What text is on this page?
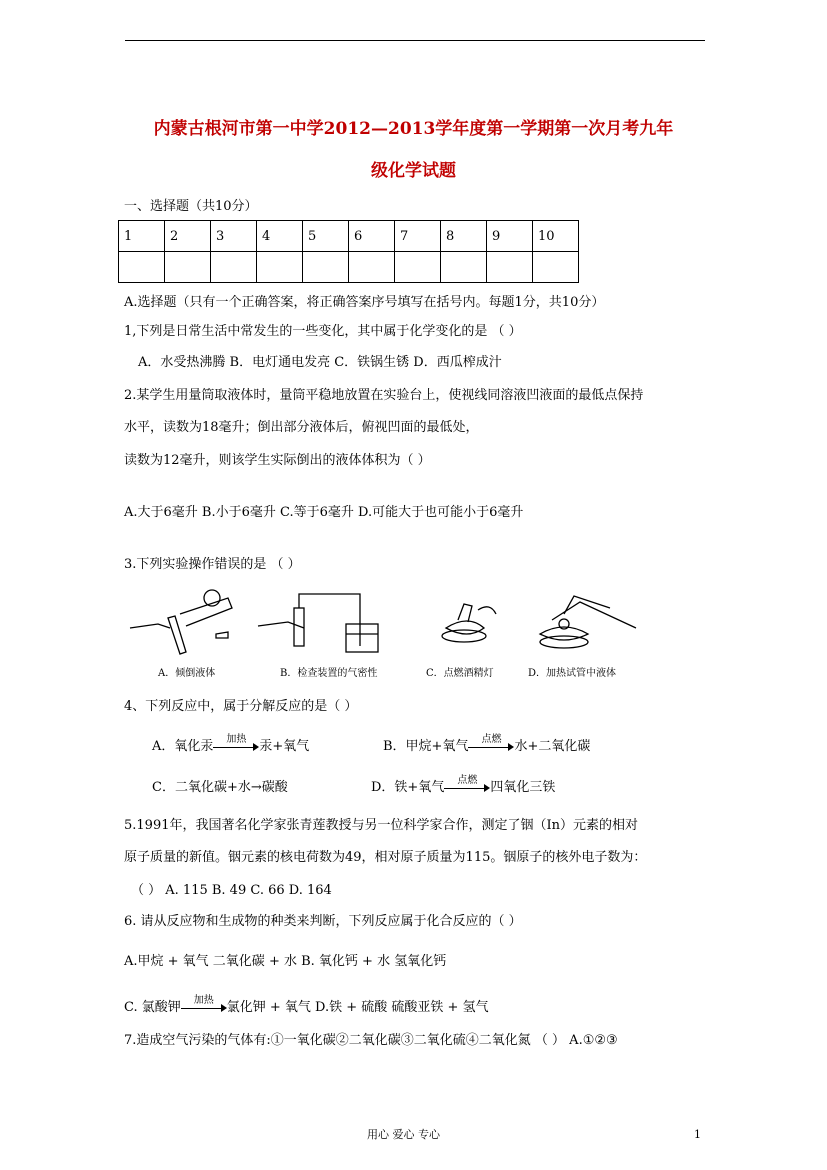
内蒙古根河市第一中学2012—2013学年度第一学期第一次月考九年
级化学试题
一、选择题（共10分）
1	2	3	4	5	6	7	8	9	10

A.选择题（只有一个正确答案，将正确答案序号填写在括号内。每题1分，共10分）
1,下列是日常生活中常发生的一些变化，其中属于化学变化的是 （ ）
A．水受热沸腾 B．电灯通电发亮 C．铁锅生锈 D．西瓜榨成汁
2.某学生用量筒取液体时，量筒平稳地放置在实验台上，使视线同溶液凹液面的最低点保持
水平，读数为18毫升；倒出部分液体后，俯视凹面的最低处，
读数为12毫升，则该学生实际倒出的液体体积为（ ）
A.大于6毫升 B.小于6毫升 C.等于6毫升 D.可能大于也可能小于6毫升
3.下列实验操作错误的是 （ ）
A．倾倒液体	B．检查装置的气密性	C．点燃酒精灯	D．加热试管中液体
4、下列反应中，属于分解反应的是（ ）
A．氧化汞	加热	汞+氧气	B．甲烷+氧气	点燃	水+二氧化碳
C．二氧化碳+水→碳酸	D．铁+氧气	点燃	四氧化三铁
5.1991年，我国著名化学家张青莲教授与另一位科学家合作，测定了铟（In）元素的相对
原子质量的新值。铟元素的核电荷数为49，相对原子质量为115。铟原子的核外电子数为：
（ ） A. 115 B. 49 C. 66 D. 164
6. 请从反应物和生成物的种类来判断，下列反应属于化合反应的（ ）
A.甲烷 + 氧气 二氧化碳 + 水 B. 氧化钙 + 水 氢氧化钙
C. 氯酸钾	加热	氯化钾 + 氧气 D.铁 + 硫酸 硫酸亚铁 + 氢气
7.造成空气污染的气体有:①一氧化碳②二氧化碳③二氧化硫④二氧化氮 （ ） A.①②③
用心 爱心 专心	1
